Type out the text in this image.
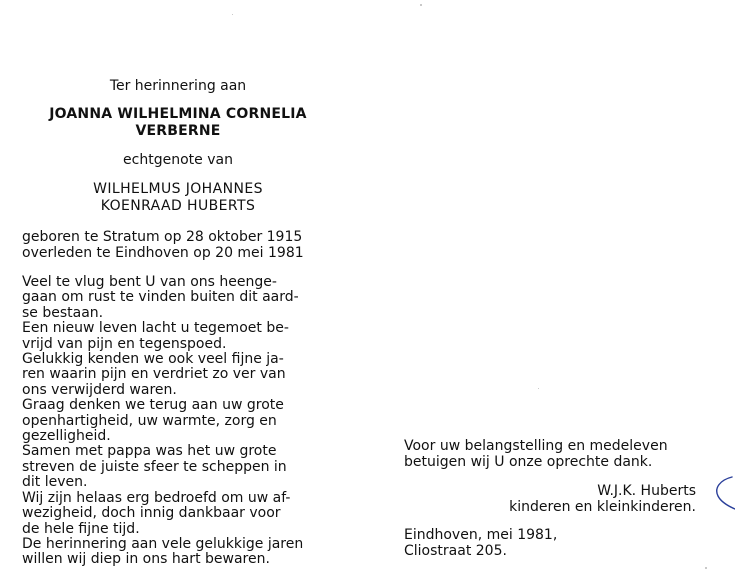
Ter herinnering aan
JOANNA WILHELMINA CORNELIA
VERBERNE
echtgenote van
WILHELMUS JOHANNES
KOENRAAD HUBERTS
geboren te Stratum op 28 oktober 1915
overleden te Eindhoven op 20 mei 1981
Veel te vlug bent U van ons heenge-
gaan om rust te vinden buiten dit aard-
se bestaan.
Een nieuw leven lacht u tegemoet be-
vrijd van pijn en tegenspoed.
Gelukkig kenden we ook veel fijne ja-
ren waarin pijn en verdriet zo ver van
ons verwijderd waren.
Graag denken we terug aan uw grote
openhartigheid, uw warmte, zorg en
gezelligheid.
Samen met pappa was het uw grote
streven de juiste sfeer te scheppen in
dit leven.
Wij zijn helaas erg bedroefd om uw af-
wezigheid, doch innig dankbaar voor
de hele fijne tijd.
De herinnering aan vele gelukkige jaren
willen wij diep in ons hart bewaren.
Voor uw belangstelling en medeleven
betuigen wij U onze oprechte dank.
W.J.K. Huberts
kinderen en kleinkinderen.
Eindhoven, mei 1981,
Cliostraat 205.
